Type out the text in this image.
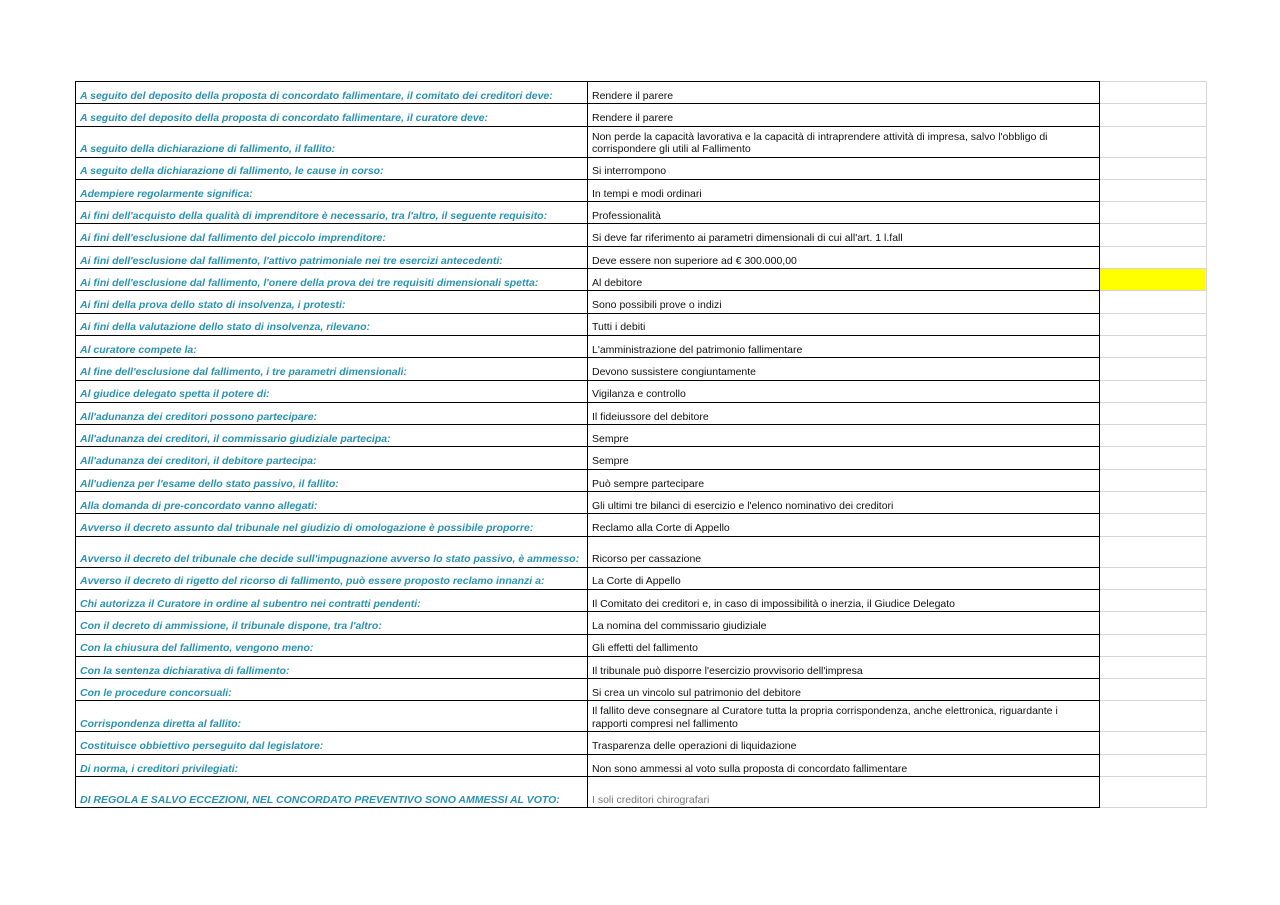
A seguito del deposito della proposta di concordato fallimentare, il comitato dei creditori deve:	Rendere il parere	
A seguito del deposito della proposta di concordato fallimentare, il curatore deve:	Rendere il parere	
A seguito della dichiarazione di fallimento, il fallito:	Non perde la capacità lavorativa e la capacità di intraprendere attività di impresa, salvo l'obbligo di corrispondere gli utili al Fallimento	
A seguito della dichiarazione di fallimento, le cause in corso:	Si interrompono	
Adempiere regolarmente significa:	In tempi e modi ordinari	
Ai fini dell'acquisto della qualità di imprenditore è necessario, tra l'altro, il seguente requisito:	Professionalità	
Ai fini dell'esclusione dal fallimento del piccolo imprenditore:	Si deve far riferimento ai parametri dimensionali di cui all'art. 1 l.fall	
Ai fini dell'esclusione dal fallimento, l'attivo patrimoniale nei tre esercizi antecedenti:	Deve essere non superiore ad € 300.000,00	
Ai fini dell'esclusione dal fallimento, l'onere della prova dei tre requisiti dimensionali spetta:	Al debitore	
Ai fini della prova dello stato di insolvenza, i protesti:	Sono possibili prove o indizi	
Ai fini della valutazione dello stato di insolvenza, rilevano:	Tutti i debiti	
Al curatore compete la:	L'amministrazione del patrimonio fallimentare	
Al fine dell'esclusione dal fallimento, i tre parametri dimensionali:	Devono sussistere congiuntamente	
Al giudice delegato spetta il potere di:	Vigilanza e controllo	
All'adunanza dei creditori possono partecipare:	Il fideiussore del debitore	
All'adunanza dei creditori, il commissario giudiziale partecipa:	Sempre	
All'adunanza dei creditori, il debitore partecipa:	Sempre	
All'udienza per l'esame dello stato passivo, il fallito:	Può sempre partecipare	
Alla domanda di pre-concordato vanno allegati:	Gli ultimi tre bilanci di esercizio e l'elenco nominativo dei creditori	
Avverso il decreto assunto dal tribunale nel giudizio di omologazione è possibile proporre:	Reclamo alla Corte di Appello	
Avverso il decreto del tribunale che decide sull'impugnazione avverso lo stato passivo, è ammesso:	Ricorso per cassazione	
Avverso il decreto di rigetto del ricorso di fallimento, può essere proposto reclamo innanzi a:	La Corte di Appello	
Chi autorizza il Curatore in ordine al subentro nei contratti pendenti:	Il Comitato dei creditori e, in caso di impossibilità o inerzia, il Giudice Delegato	
Con il decreto di ammissione, il tribunale dispone, tra l'altro:	La nomina del commissario giudiziale	
Con la chiusura del fallimento, vengono meno:	Gli effetti del fallimento	
Con la sentenza dichiarativa di fallimento:	Il tribunale può disporre l'esercizio provvisorio dell'impresa	
Con le procedure concorsuali:	Si crea un vincolo sul patrimonio del debitore	
Corrispondenza diretta al fallito:	Il fallito deve consegnare al Curatore tutta la propria corrispondenza, anche elettronica, riguardante i rapporti compresi nel fallimento	
Costituisce obbiettivo perseguito dal legislatore:	Trasparenza delle operazioni di liquidazione	
Di norma, i creditori privilegiati:	Non sono ammessi al voto sulla proposta di concordato fallimentare	
DI REGOLA E SALVO ECCEZIONI, NEL CONCORDATO PREVENTIVO SONO AMMESSI AL VOTO:	I soli creditori chirografari	
